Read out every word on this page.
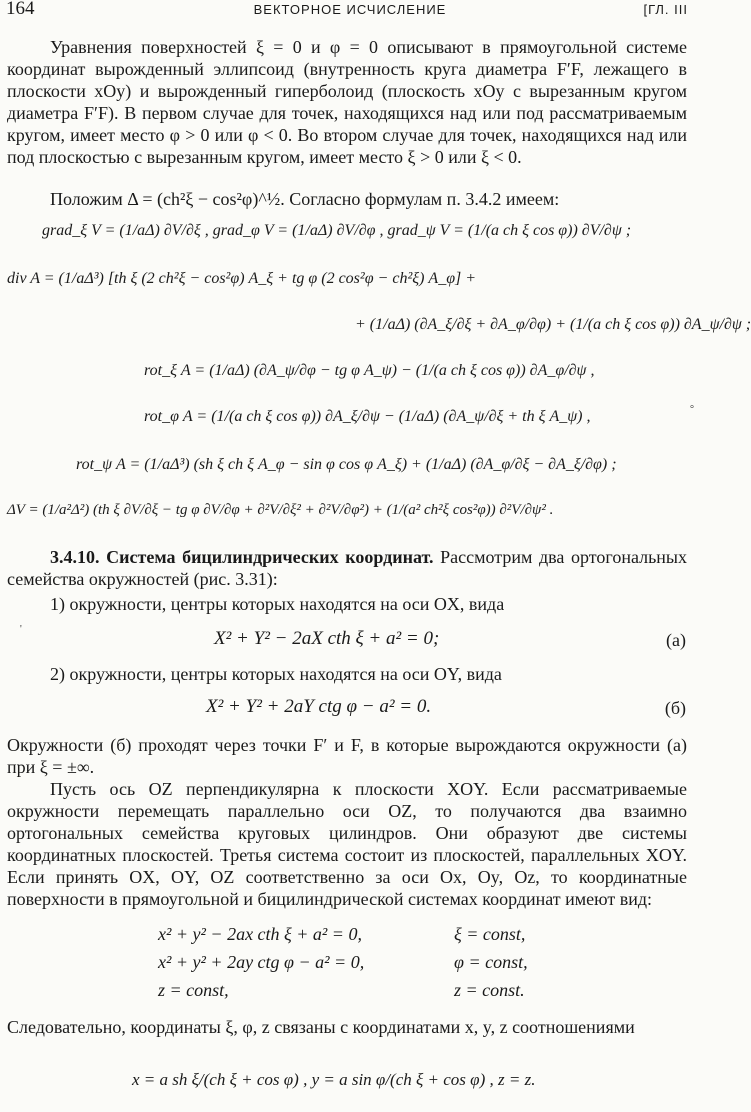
164	ВЕКТОРНОЕ ИСЧИСЛЕНИЕ	[ГЛ. III
Уравнения поверхностей ξ = 0 и φ = 0 описывают в прямоугольной системе координат вырожденный эллипсоид (внутренность круга диаметра F′F, лежащего в плоскости xOy) и вырожденный гиперболоид (плоскость xOy с вырезанным кругом диаметра F′F). В первом случае для точек, находящихся над или под рассматриваемым кругом, имеет место φ > 0 или φ < 0. Во втором случае для точек, находящихся над или под плоскостью с вырезанным кругом, имеет место ξ > 0 или ξ < 0.
Положим Δ = (ch²ξ − cos²φ)^½. Согласно формулам п. 3.4.2 имеем:
grad_ξ V = (1/aΔ) ∂V/∂ξ , grad_φ V = (1/aΔ) ∂V/∂φ , grad_ψ V = (1/(a ch ξ cos φ)) ∂V/∂ψ ;
div A = (1/aΔ³) [th ξ (2 ch²ξ − cos²φ) A_ξ + tg φ (2 cos²φ − ch²ξ) A_φ] +
+ (1/aΔ) (∂A_ξ/∂ξ + ∂A_φ/∂φ) + (1/(a ch ξ cos φ)) ∂A_ψ/∂ψ ;
rot_ξ A = (1/aΔ) (∂A_ψ/∂φ − tg φ A_ψ) − (1/(a ch ξ cos φ)) ∂A_φ/∂ψ ,
rot_φ A = (1/(a ch ξ cos φ)) ∂A_ξ/∂ψ − (1/aΔ) (∂A_ψ/∂ξ + th ξ A_ψ) ,
rot_ψ A = (1/aΔ³) (sh ξ ch ξ A_φ − sin φ cos φ A_ξ) + (1/aΔ) (∂A_φ/∂ξ − ∂A_ξ/∂φ) ;
ΔV = (1/a²Δ²) (th ξ ∂V/∂ξ − tg φ ∂V/∂φ + ∂²V/∂ξ² + ∂²V/∂φ²) + (1/(a² ch²ξ cos²φ)) ∂²V/∂ψ² .
3.4.10. Система бицилиндрических координат. Рассмотрим два ортогональных семейства окружностей (рис. 3.31):
1) окружности, центры которых находятся на оси OX, вида
X² + Y² − 2aX cth ξ + a² = 0;	(а)
2) окружности, центры которых находятся на оси OY, вида
X² + Y² + 2aY ctg φ − a² = 0.	(б)
Окружности (б) проходят через точки F′ и F, в которые вырождаются окружности (а) при ξ = ±∞.
Пусть ось OZ перпендикулярна к плоскости XOY. Если рассматриваемые окружности перемещать параллельно оси OZ, то получаются два взаимно ортогональных семейства круговых цилиндров. Они образуют две системы координатных плоскостей. Третья система состоит из плоскостей, параллельных XOY. Если принять OX, OY, OZ соответственно за оси Ox, Oy, Oz, то координатные поверхности в прямоугольной и бицилиндрической системах координат имеют вид:
x² + y² − 2ax cth ξ + a² = 0,	ξ = const,
x² + y² + 2ay ctg φ − a² = 0,	φ = const,
z = const,	z = const.
Следовательно, координаты ξ, φ, z связаны с координатами x, y, z соотношениями
x = a sh ξ/(ch ξ + cos φ) , y = a sin φ/(ch ξ + cos φ) , z = z.
°
'
